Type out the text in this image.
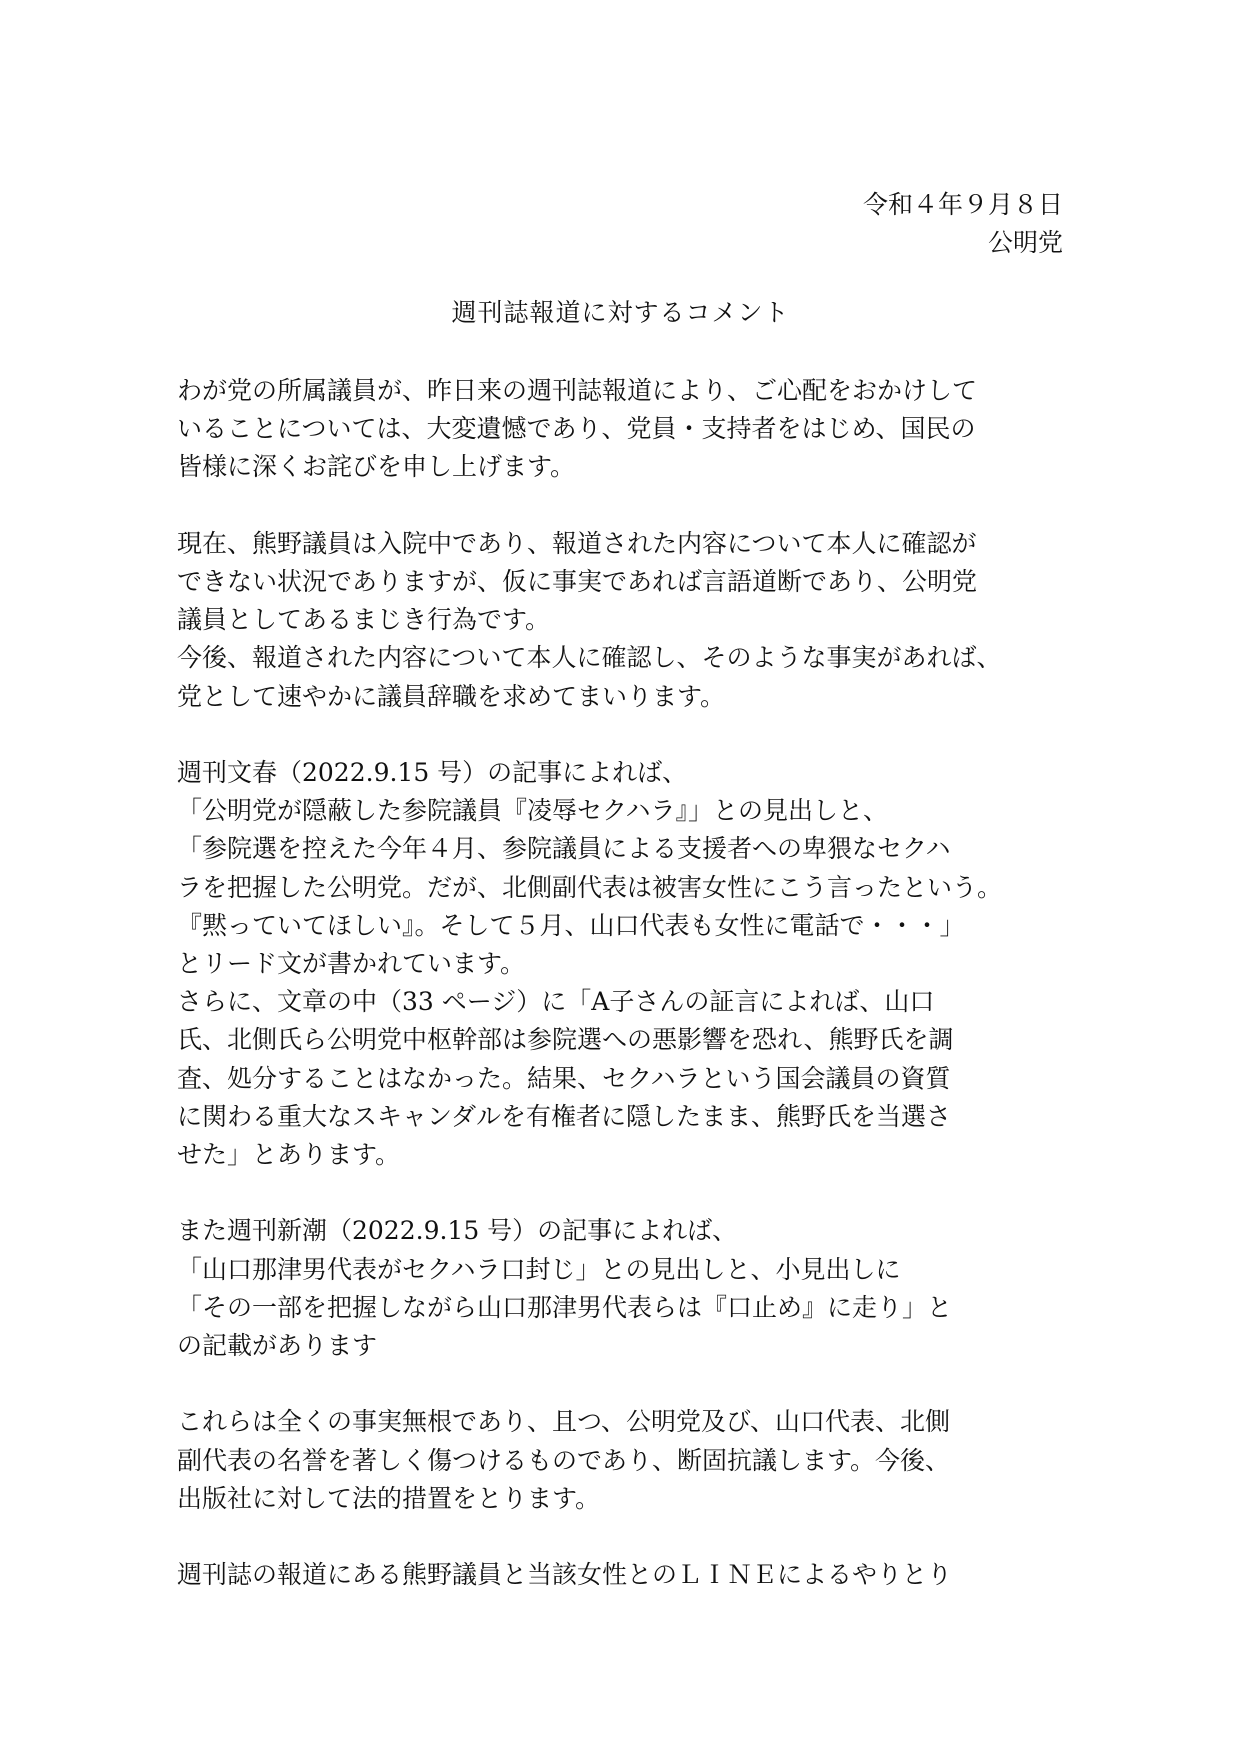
令和４年９月８日
公明党
週刊誌報道に対するコメント

わが党の所属議員が、昨日来の週刊誌報道により、ご心配をおかけして
いることについては、大変遺憾であり、党員・支持者をはじめ、国民の
皆様に深くお詫びを申し上げます。

現在、熊野議員は入院中であり、報道された内容について本人に確認が
できない状況でありますが、仮に事実であれば言語道断であり、公明党
議員としてあるまじき行為です。
今後、報道された内容について本人に確認し、そのような事実があれば、
党として速やかに議員辞職を求めてまいります。

週刊文春（2022.9.15 号）の記事によれば、
「公明党が隠蔽した参院議員『凌辱セクハラ』」との見出しと、
「参院選を控えた今年４月、参院議員による支援者への卑猥なセクハ
ラを把握した公明党。だが、北側副代表は被害女性にこう言ったという。
『黙っていてほしい』。そして５月、山口代表も女性に電話で・・・」
とリード文が書かれています。
さらに、文章の中（33 ページ）に「A子さんの証言によれば、山口
氏、北側氏ら公明党中枢幹部は参院選への悪影響を恐れ、熊野氏を調
査、処分することはなかった。結果、セクハラという国会議員の資質
に関わる重大なスキャンダルを有権者に隠したまま、熊野氏を当選さ
せた」とあります。

また週刊新潮（2022.9.15 号）の記事によれば、
「山口那津男代表がセクハラ口封じ」との見出しと、小見出しに
「その一部を把握しながら山口那津男代表らは『口止め』に走り」と
の記載があります

これらは全くの事実無根であり、且つ、公明党及び、山口代表、北側
副代表の名誉を著しく傷つけるものであり、断固抗議します。今後、
出版社に対して法的措置をとります。

週刊誌の報道にある熊野議員と当該女性とのＬＩＮＥによるやりとり
